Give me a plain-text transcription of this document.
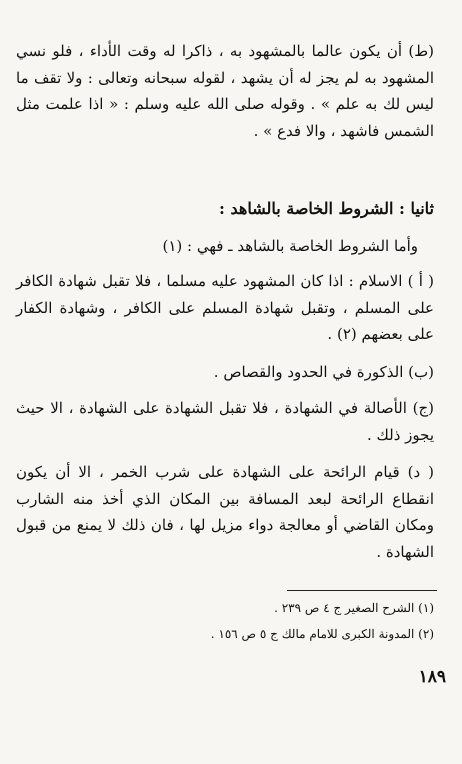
(ط) أن يكون عالما بالمشهود به ، ذاكرا له وقت الأداء ، فلو نسي المشهود به لم يجز له أن يشهد ، لقوله سبحانه وتعالى : ولا تقف ما ليس لك به علم » . وقوله صلى الله عليه وسلم : « اذا علمت مثل الشمس فاشهد ، والا فدع » .

ثانيا : الشروط الخاصة بالشاهد :

وأما الشروط الخاصة بالشاهد ـ فهي : (١)

( أ ) الاسلام : اذا كان المشهود عليه مسلما ، فلا تقبل شهادة الكافر على المسلم ، وتقبل شهادة المسلم على الكافر ، وشهادة الكفار على بعضهم (٢) .

(ب) الذكورة في الحدود والقصاص .

(ج) الأصالة في الشهادة ، فلا تقبل الشهادة على الشهادة ، الا حيث يجوز ذلك .

( د) قيام الرائحة على الشهادة على شرب الخمر ، الا أن يكون انقطاع الرائحة لبعد المسافة بين المكان الذي أخذ منه الشارب ومكان القاضي أو معالجة دواء مزيل لها ، فان ذلك لا يمنع من قبول الشهادة .

(١) الشرح الصغير ج ٤ ص ٢٣٩ .

(٢) المدونة الكبرى للامام مالك ج ٥ ص ١٥٦ .

١٨٩
